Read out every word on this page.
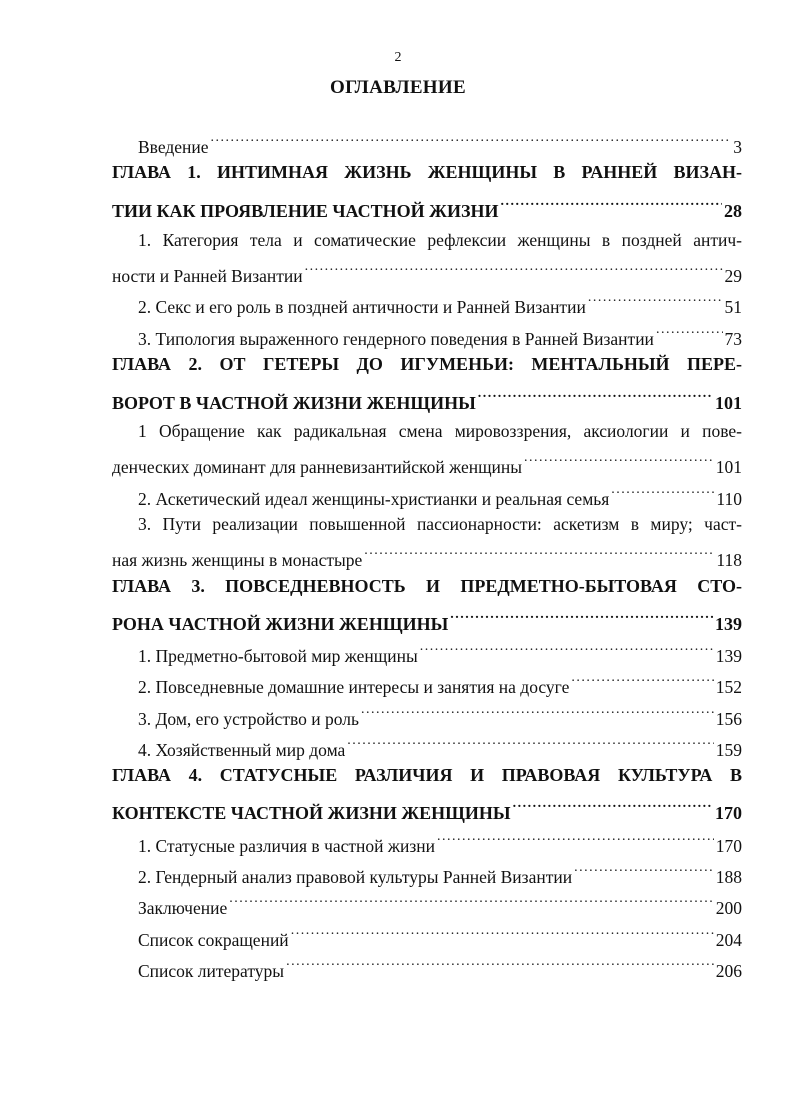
2
ОГЛАВЛЕНИЕ
Введение .....	3
ГЛАВА 1. ИНТИМНАЯ ЖИЗНЬ ЖЕНЩИНЫ В РАННЕЙ ВИЗАН-
ТИИ КАК ПРОЯВЛЕНИЕ ЧАСТНОЙ ЖИЗНИ .....	28
1. Категория тела и соматические рефлексии женщины в поздней антич-
ности и Ранней Византии .....	29
2. Секс и его роль в поздней античности и Ранней Византии .....	51
3. Типология выраженного гендерного поведения в Ранней Византии .....	73
ГЛАВА 2. ОТ ГЕТЕРЫ ДО ИГУМЕНЬИ: МЕНТАЛЬНЫЙ ПЕРЕ-
ВОРОТ В ЧАСТНОЙ ЖИЗНИ ЖЕНЩИНЫ .....	101
1 Обращение как радикальная смена мировоззрения, аксиологии и пове-
денческих доминант для ранневизантийской женщины .....	101
2. Аскетический идеал женщины-христианки и реальная семья .....	110
3. Пути реализации повышенной пассионарности: аскетизм в миру; част-
ная жизнь женщины в монастыре .....	118
ГЛАВА 3. ПОВСЕДНЕВНОСТЬ И ПРЕДМЕТНО-БЫТОВАЯ СТО-
РОНА ЧАСТНОЙ ЖИЗНИ ЖЕНЩИНЫ .....	139
1. Предметно-бытовой мир женщины .....	139
2. Повседневные домашние интересы и занятия на досуге .....	152
3. Дом, его устройство и роль .....	156
4. Хозяйственный мир дома .....	159
ГЛАВА 4. СТАТУСНЫЕ РАЗЛИЧИЯ И ПРАВОВАЯ КУЛЬТУРА В
КОНТЕКСТЕ ЧАСТНОЙ ЖИЗНИ ЖЕНЩИНЫ .....	170
1. Статусные различия в частной жизни .....	170
2. Гендерный анализ правовой культуры Ранней Византии .....	188
Заключение .....	200
Список сокращений .....	204
Список литературы .....	206
